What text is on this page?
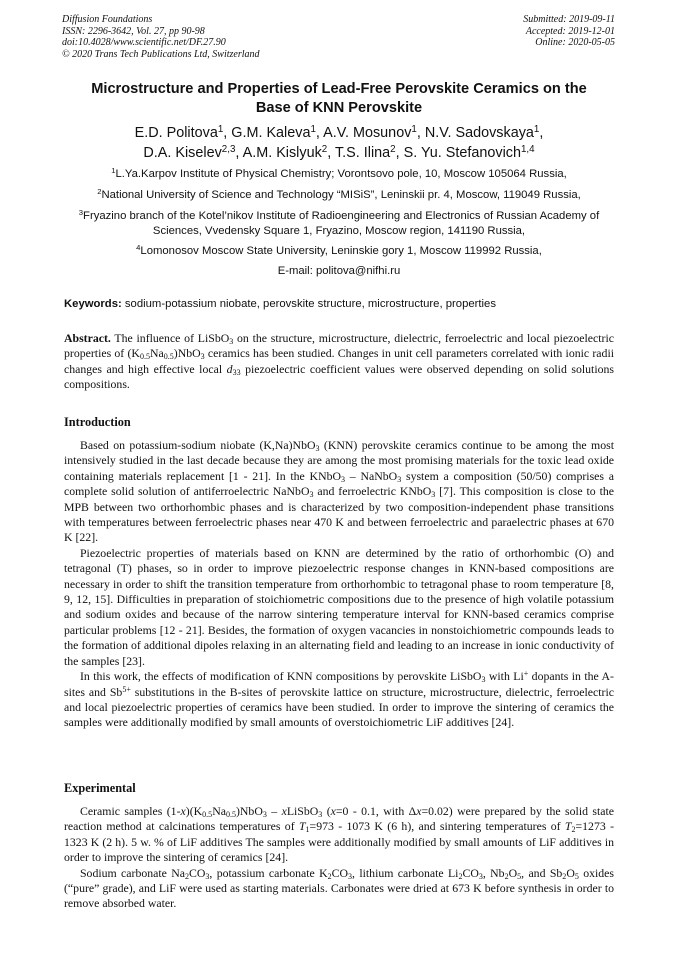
Diffusion Foundations
ISSN: 2296-3642, Vol. 27, pp 90-98
doi:10.4028/www.scientific.net/DF.27.90
© 2020 Trans Tech Publications Ltd, Switzerland
Submitted: 2019-09-11
Accepted: 2019-12-01
Online: 2020-05-05
Microstructure and Properties of Lead-Free Perovskite Ceramics on the
Base of KNN Perovskite
E.D. Politova$^1$, G.M. Kaleva$^1$, A.V. Mosunov$^1$, N.V. Sadovskaya$^1$,
D.A. Kiselev$^{2,3}$, A.M. Kislyuk$^2$, T.S. Ilina$^2$, S. Yu. Stefanovich$^{1,4}$
$^1$L.Ya.Karpov Institute of Physical Chemistry; Vorontsovo pole, 10, Moscow 105064 Russia,
$^2$National University of Science and Technology “MISiS”, Leninskii pr. 4, Moscow, 119049 Russia,
$^3$Fryazino branch of the Kotel’nikov Institute of Radioengineering and Electronics of Russian Academy of Sciences, Vvedensky Square 1, Fryazino, Moscow region, 141190 Russia,
$^4$Lomonosov Moscow State University, Leninskie gory 1, Moscow 119992 Russia,
E-mail: politova@nifhi.ru
Keywords: sodium-potassium niobate, perovskite structure, microstructure, properties
Abstract. The influence of LiSbO$_3$ on the structure, microstructure, dielectric, ferroelectric and local piezoelectric properties of $(K_{0.5}Na_{0.5})NbO_3$ ceramics has been studied. Changes in unit cell parameters correlated with ionic radii changes and high effective local $d_{33}$ piezoelectric coefficient values were observed depending on solid solutions compositions.
Introduction

Based on potassium-sodium niobate (K,Na)NbO$_3$ (KNN) perovskite ceramics continue to be among the most intensively studied in the last decade because they are among the most promising materials for the toxic lead oxide containing materials replacement [1 - 21]. In the KNbO$_3$ – NaNbO$_3$ system a composition (50/50) comprises a complete solid solution of antiferroelectric NaNbO$_3$ and ferroelectric KNbO$_3$ [7]. This composition is close to the MPB between two orthorhombic phases and is characterized by two composition-independent phase transitions with temperatures between ferroelectric phases near 470 K and between ferroelectric and paraelectric phases at 670 K [22].

Piezoelectric properties of materials based on KNN are determined by the ratio of orthorhombic (O) and tetragonal (T) phases, so in order to improve piezoelectric response changes in KNN-based compositions are necessary in order to shift the transition temperature from orthorhombic to tetragonal phase to room temperature [8, 9, 12, 15]. Difficulties in preparation of stoichiometric compositions due to the presence of high volatile potassium and sodium oxides and because of the narrow sintering temperature interval for KNN-based ceramics comprise particular problems [12 - 21]. Besides, the formation of oxygen vacancies in nonstoichiometric compounds leads to the formation of additional dipoles relaxing in an alternating field and leading to an increase in ionic conductivity of the samples [23].

In this work, the effects of modification of KNN compositions by perovskite LiSbO$_3$ with Li+ dopants in the A-sites and $Sb^{5+}$ substitutions in the B-sites of perovskite lattice on structure, microstructure, dielectric, ferroelectric and local piezoelectric properties of ceramics have been studied. In order to improve the sintering of ceramics the samples were additionally modified by small amounts of overstoichiometric LiF additives [24].

Experimental

Ceramic samples $(1-x)(K_{0.5}Na_{0.5})NbO_3$ – xLiSbO$_3$ (x=0 - 0.1, with Δx=0.02) were prepared by the solid state reaction method at calcinations temperatures of $T_1=973 - 1073$ K (6 h), and sintering temperatures of $T_2=1273 - 1323$ K (2 h). 5 w. % of LiF additives The samples were additionally modified by small amounts of LiF additives in order to improve the sintering of ceramics [24].

Sodium carbonate $Na_2CO_3$, potassium carbonate $K_2CO_3$, lithium carbonate $Li_2CO_3$, $Nb_2O_5$, and $Sb_2O_5$ oxides (“pure” grade), and LiF were used as starting materials. Carbonates were dried at 673 K before synthesis in order to remove absorbed water.
